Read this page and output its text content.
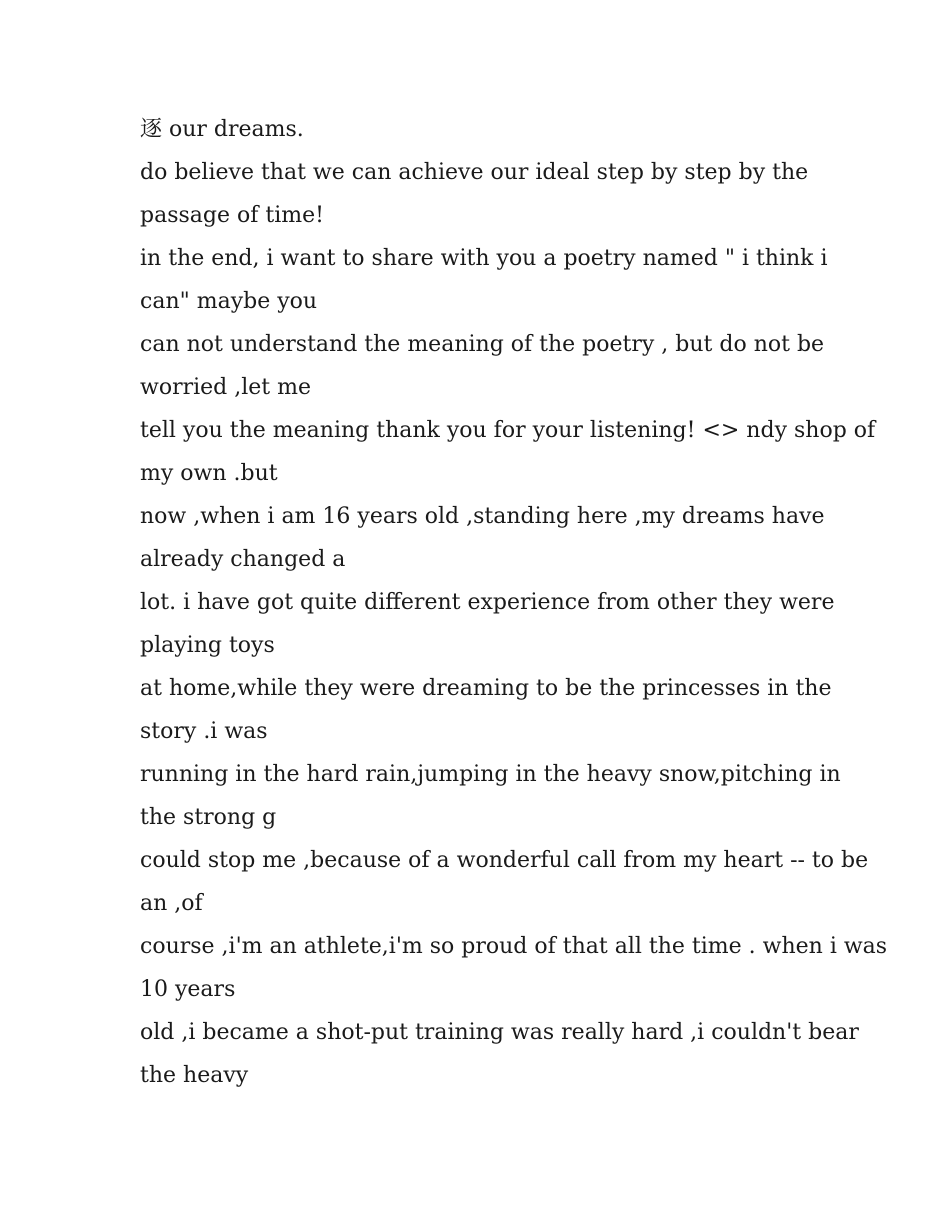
逐 our dreams.
do believe that we can achieve our ideal step by step by the
passage of time!
in the end, i want to share with you a poetry named " i think i
can" maybe you
can not understand the meaning of the poetry , but do not be
worried ,let me
tell you the meaning thank you for your listening! <> ndy shop of
my own .but
now ,when i am 16 years old ,standing here ,my dreams have
already changed a
lot. i have got quite different experience from other they were
playing toys
at home,while they were dreaming to be the princesses in the
story .i was
running in the hard rain,jumping in the heavy snow,pitching in
the strong g
could stop me ,because of a wonderful call from my heart -- to be
an ,of
course ,i'm an athlete,i'm so proud of that all the time . when i was
10 years
old ,i became a shot-put training was really hard ,i couldn't bear
the heavy
